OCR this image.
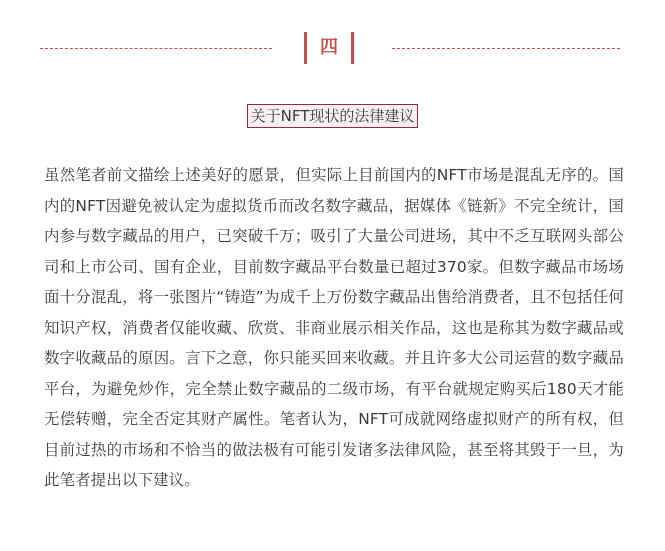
四
关于NFT现状的法律建议

虽然笔者前文描绘上述美好的愿景，但实际上目前国内的NFT市场是混乱无序的。国内的NFT因避免被认定为虚拟货币而改名数字藏品，据媒体《链新》不完全统计，国内参与数字藏品的用户，已突破千万；吸引了大量公司进场，其中不乏互联网头部公司和上市公司、国有企业，目前数字藏品平台数量已超过370家。但数字藏品市场场面十分混乱，将一张图片“铸造”为成千上万份数字藏品出售给消费者，且不包括任何知识产权，消费者仅能收藏、欣赏、非商业展示相关作品，这也是称其为数字藏品或数字收藏品的原因。言下之意，你只能买回来收藏。并且许多大公司运营的数字藏品平台，为避免炒作，完全禁止数字藏品的二级市场，有平台就规定购买后180天才能无偿转赠，完全否定其财产属性。笔者认为，NFT可成就网络虚拟财产的所有权，但目前过热的市场和不恰当的做法极有可能引发诸多法律风险，甚至将其毁于一旦，为此笔者提出以下建议。
